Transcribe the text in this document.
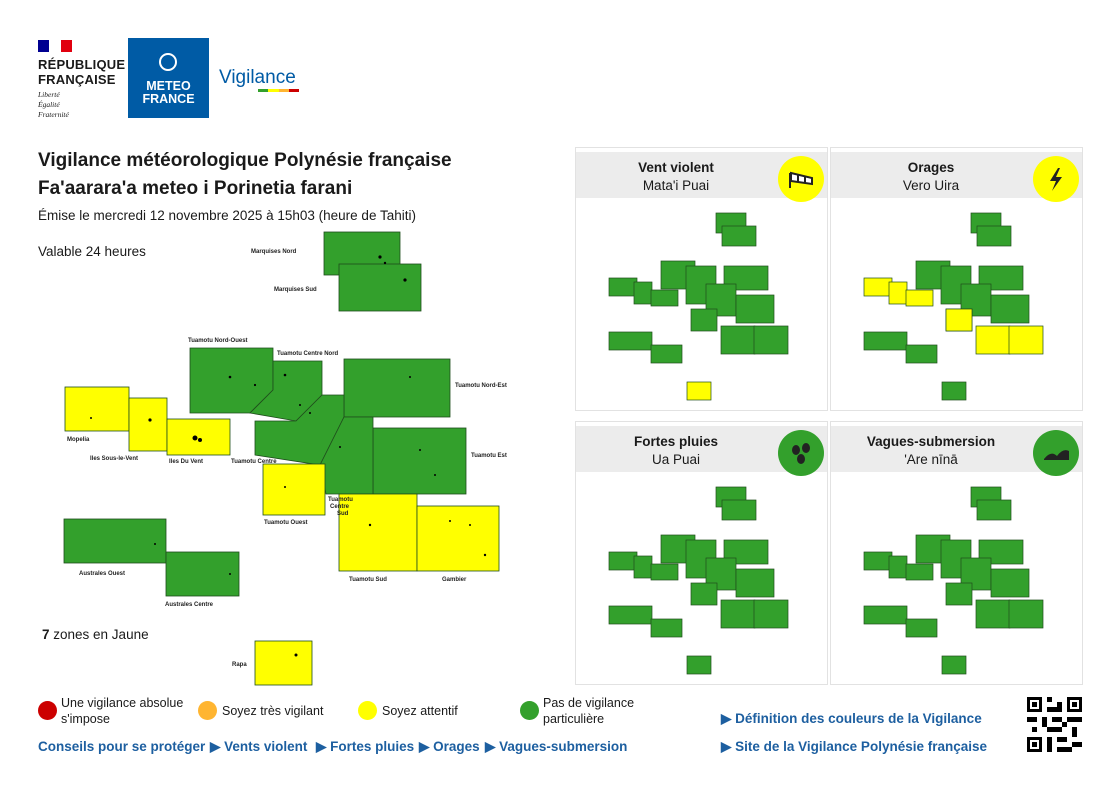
RÉPUBLIQUE
FRANÇAISE
Liberté
Égalité
Fraternité
METEO
FRANCE
Vigilance
Vigilance météorologique Polynésie française
Fa'aarara'a meteo i Porinetia farani
Émise le mercredi 12 novembre 2025 à 15h03 (heure de Tahiti)
Valable 24 heures	Marquises Nord
Marquises Sud
Tuamotu Nord-Ouest
Tuamotu Centre Nord
Tuamotu Nord-Est
Tuamotu Est
Tuamotu Centre
Mopelia
Iles Sous-le-Vent	Iles Du Vent
Tuamotu Ouest
Tuamotu
Centre
Sud
Tuamotu Sud	Gambier
Australes Ouest
Australes Centre
Rapa
7 zones en Jaune
Vent violent
Mata'i Puai
Orages
Vero Uira
Fortes pluies
Ua Puai
Vagues-submersion
'Are nīnā
Une vigilance absolue
s'impose
Soyez très vigilant	Soyez attentif
Pas de vigilance
particulière
Conseils pour se protéger ▶ Vents violent ▶ Fortes pluies ▶ Orages ▶ Vagues-submersion
▶ Définition des couleurs de la Vigilance
▶ Site de la Vigilance Polynésie française
